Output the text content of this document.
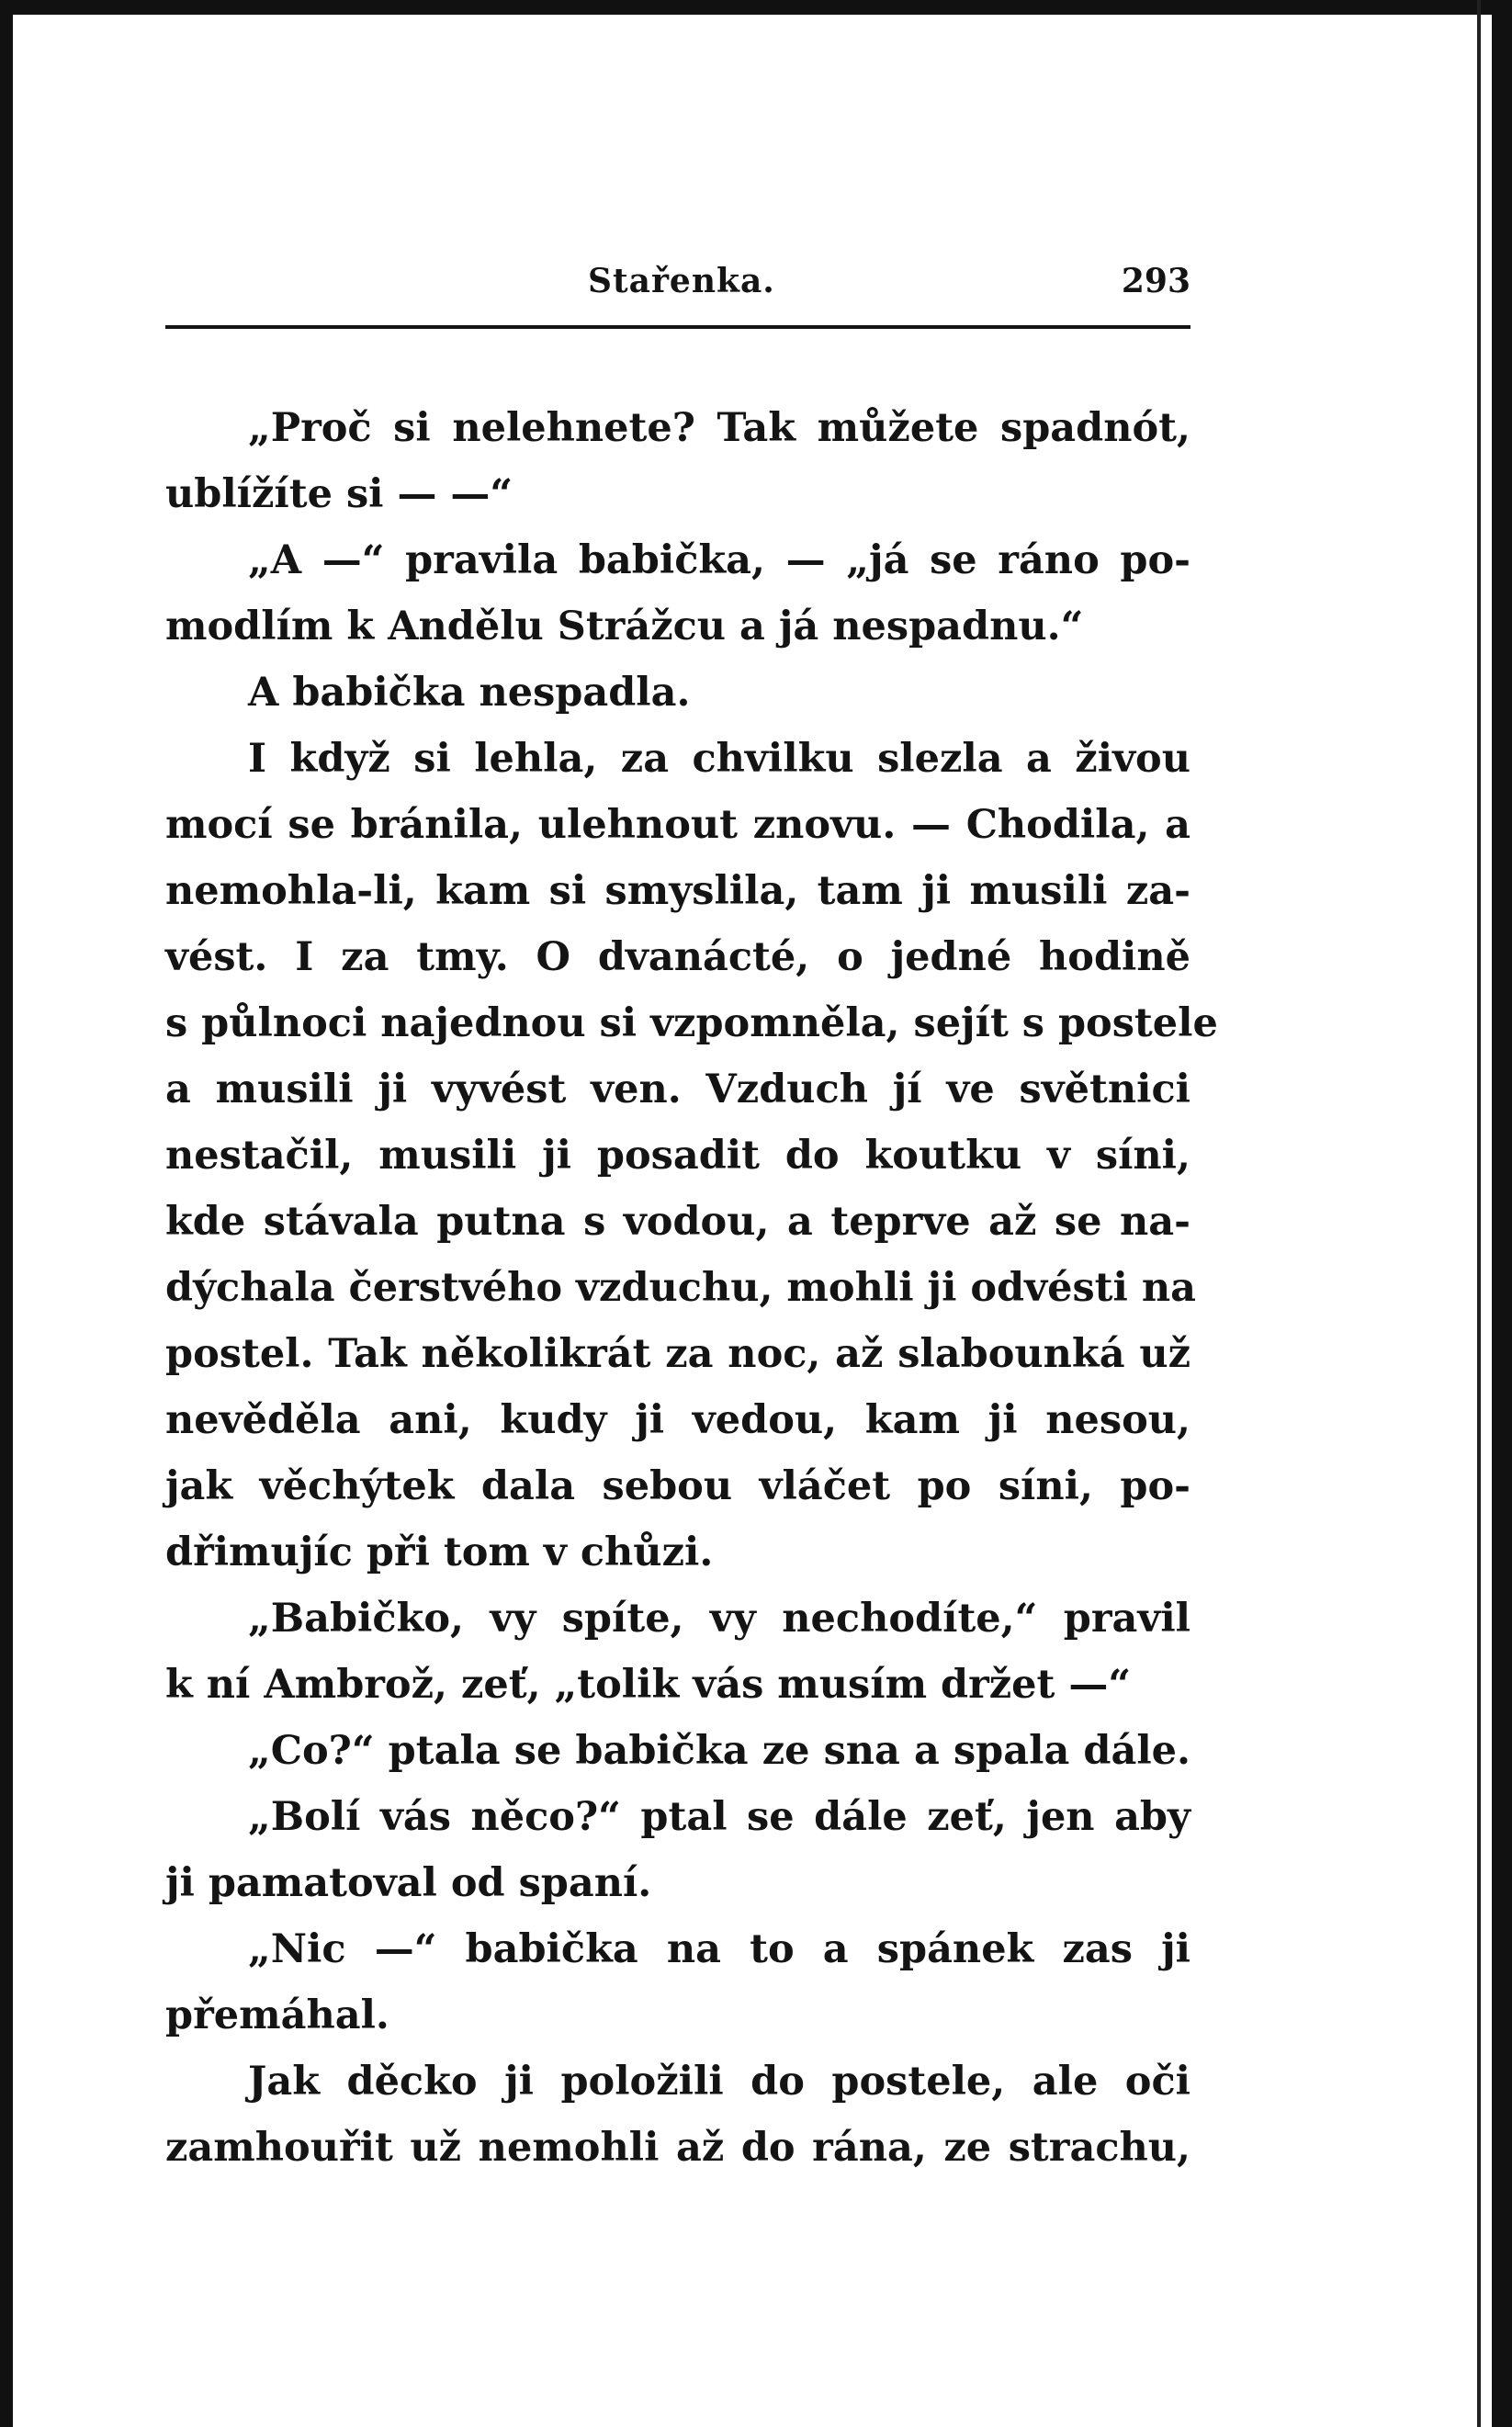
Stařenka.	293
„Proč si nelehnete? Tak můžete spadnót,
ublížíte si — —“
„A —“ pravila babička, — „já se ráno po-
modlím k Andělu Strážcu a já nespadnu.“
A babička nespadla.
I když si lehla, za chvilku slezla a živou
mocí se bránila, ulehnout znovu. — Chodila, a
nemohla-li, kam si smyslila, tam ji musili za-
vést. I za tmy. O dvanácté, o jedné hodině
s půlnoci najednou si vzpomněla, sejít s postele
a musili ji vyvést ven. Vzduch jí ve světnici
nestačil, musili ji posadit do koutku v síni,
kde stávala putna s vodou, a teprve až se na-
dýchala čerstvého vzduchu, mohli ji odvésti na
postel. Tak několikrát za noc, až slabounká už
nevěděla ani, kudy ji vedou, kam ji nesou,
jak věchýtek dala sebou vláčet po síni, po-
dřimujíc při tom v chůzi.
„Babičko, vy spíte, vy nechodíte,“ pravil
k ní Ambrož, zeť, „tolik vás musím držet —“
„Co?“ ptala se babička ze sna a spala dále.
„Bolí vás něco?“ ptal se dále zeť, jen aby
ji pamatoval od spaní.
„Nic —“ babička na to a spánek zas ji
přemáhal.
Jak děcko ji položili do postele, ale oči
zamhouřit už nemohli až do rána, ze strachu,
